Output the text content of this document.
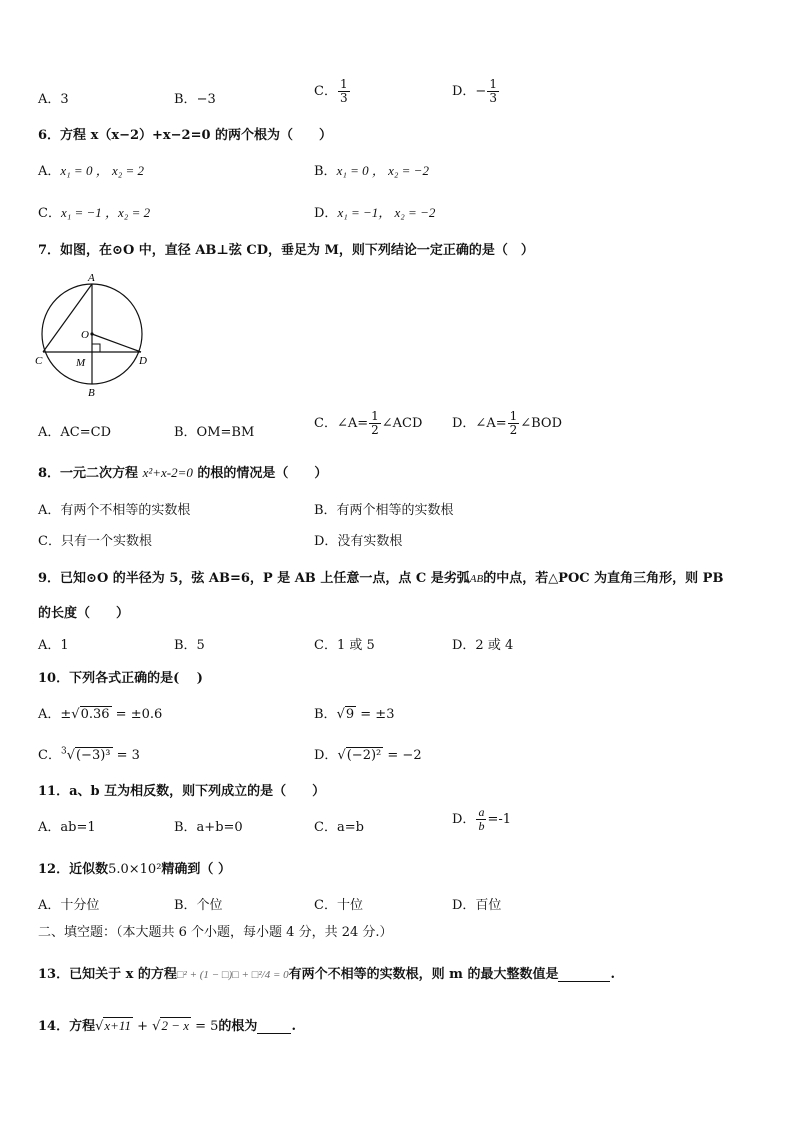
A．3	B．−3
C． $\frac{1}{3}$	D．− $\frac{1}{3}$
6．方程 x（x−2）+x−2=0 的两个根为（　　）
A．x₁ = 0 ， x₂ = 2	B．x₁ = 0 ， x₂ = −2
C．x₁ = −1 ，x₂ = 2	D．x₁ = −1， x₂ = −2
7．如图，在⊙O 中，直径 AB⊥弦 CD，垂足为 M，则下列结论一定正确的是（　）
A
O
C	M	D
B
A．AC=CD	B．OM=BM
C．∠A= $\frac{1}{2}$ ∠ACD D．∠A= $\frac{1}{2}$ ∠BOD
8．一元二次方程 x²+x-2=0 的根的情况是（　　）
A．有两个不相等的实数根	B．有两个相等的实数根
C．只有一个实数根	D．没有实数根
9．已知⊙O 的半径为 5，弦 AB=6，P 是 AB 上任意一点，点 C 是劣弧AB的中点，若△POC 为直角三角形，则 PB
的长度（　　）
A．1	B．5	C．1 或 5	D．2 或 4
10．下列各式正确的是(　 )
A．±√0.36 = ±0.6	B．√9 = ±3
C．$^3$√(−3)³ = 3	D．√(−2)² = −2
11．a、b 互为相反数，则下列成立的是（　　）
A．ab=1	B．a+b=0	C．a=b
D． $\frac{a}{b} =-1$
12．近似数5.0×10²精确到（ ）
A．十分位	B．个位	C．十位	D．百位
二、填空题：（本大题共 6 个小题，每小题 4 分，共 24 分.）
13．已知关于 x 的方程□² + (1 − □)□ + □²/4 = 0有两个不相等的实数根，则 m 的最大整数值是	.
14．方程√x+11 + √2 − x = 5的根为	.
